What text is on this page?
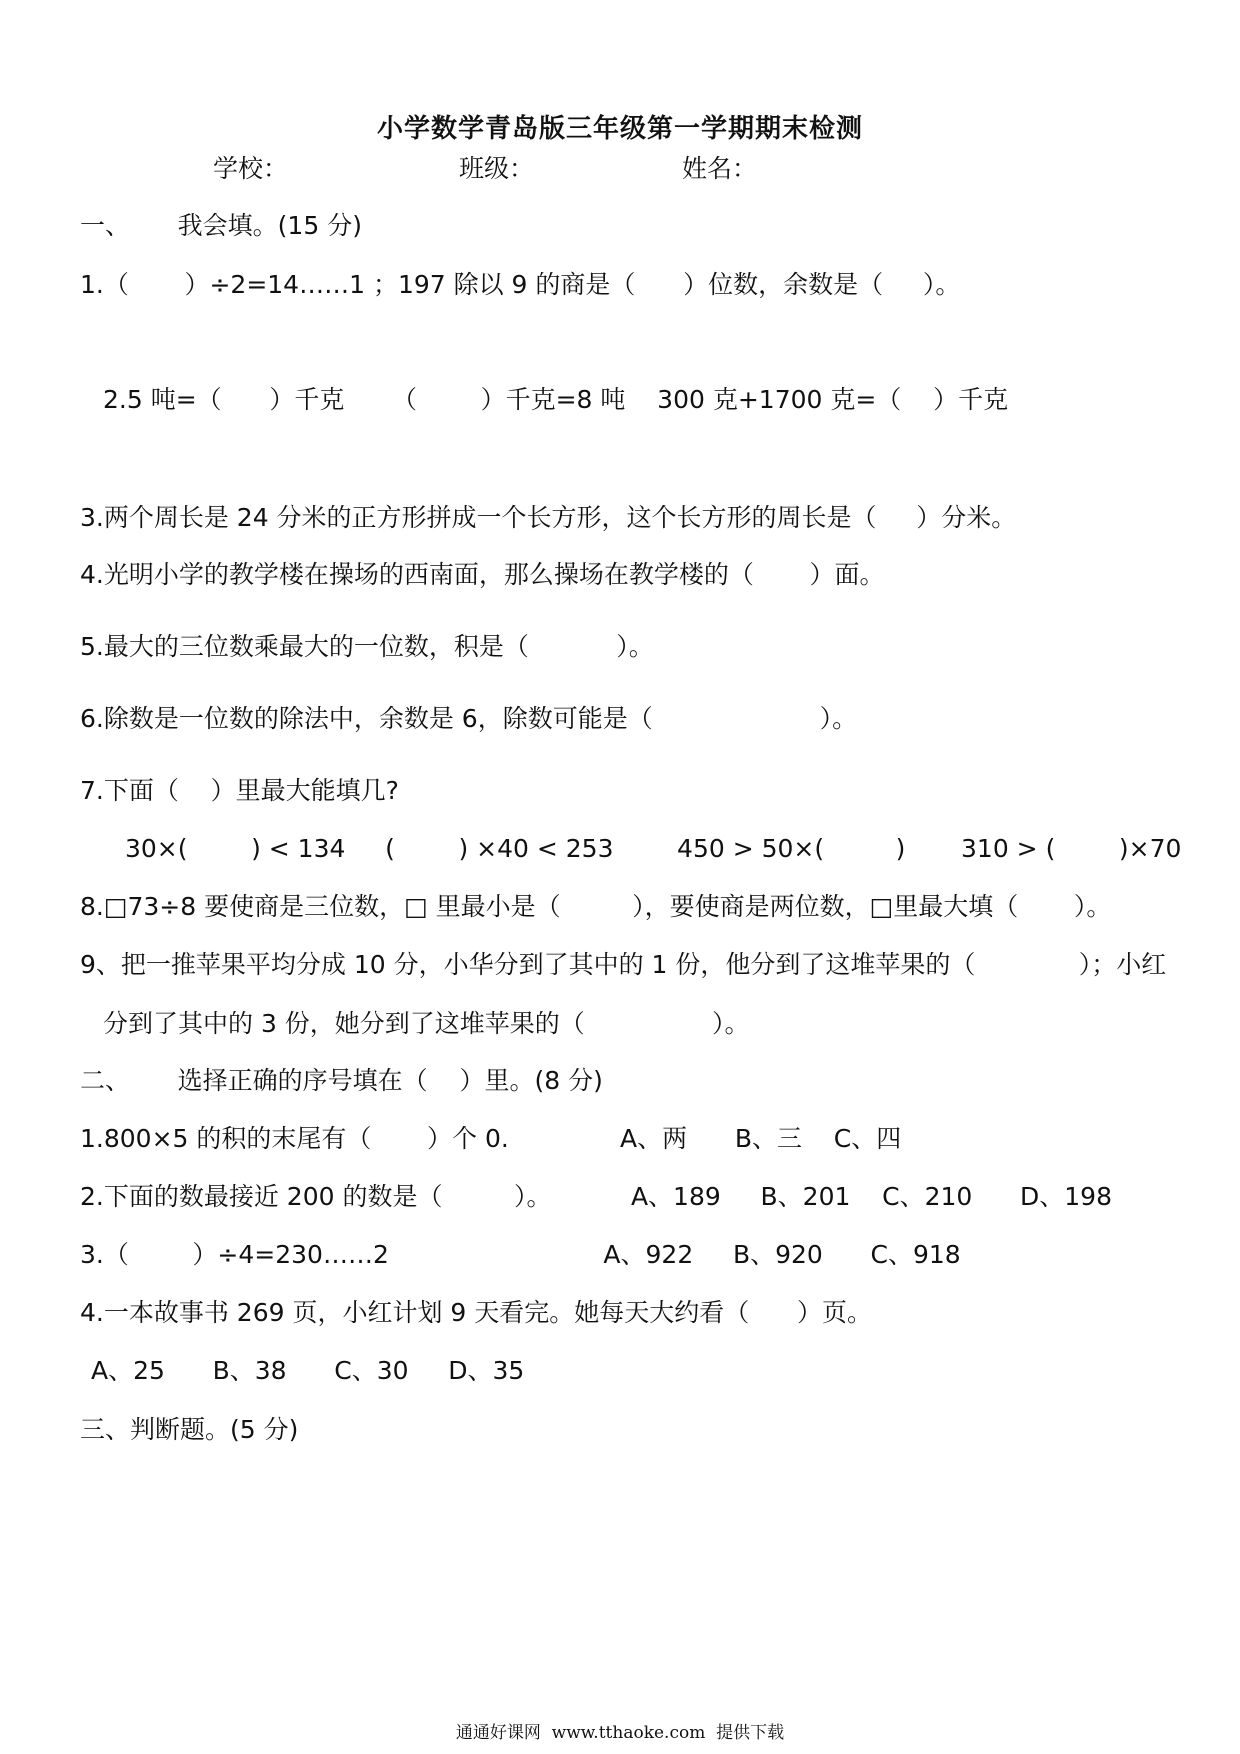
小学数学青岛版三年级第一学期期末检测
学校：	班级：	姓名：
一、      我会填。(15 分)
1.（       ）÷2=14……1 ；197 除以 9 的商是（      ）位数，余数是（     ）。
2.5 吨=（      ）千克      （        ）千克=8 吨    300 克+1700 克=（    ）千克
3.两个周长是 24 分米的正方形拼成一个长方形，这个长方形的周长是（     ）分米。
4.光明小学的教学楼在操场的西南面，那么操场在教学楼的（       ）面。
5.最大的三位数乘最大的一位数，积是（           ）。
6.除数是一位数的除法中，余数是 6，除数可能是（                     ）。
7.下面（    ）里最大能填几?
30×(        ) < 134     (        ) ×40 < 253        450 > 50×(         )       310 > (        )×70
8.□73÷8 要使商是三位数，□ 里最小是（         ），要使商是两位数，□里最大填（       ）。
9、把一推苹果平均分成 10 分，小华分到了其中的 1 份，他分到了这堆苹果的（             ）；小红
分到了其中的 3 份，她分到了这堆苹果的（                ）。
二、      选择正确的序号填在（    ）里。(8 分)
1.800×5 的积的末尾有（       ）个 0.              A、两      B、三    C、四
2.下面的数最接近 200 的数是（         ）。          A、189     B、201    C、210      D、198
3.（        ）÷4=230……2                           A、922     B、920      C、918
4.一本故事书 269 页，小红计划 9 天看完。她每天大约看（      ）页。
A、25      B、38      C、30     D、35
三、判断题。(5 分)
通通好课网  www.tthaoke.com  提供下载
